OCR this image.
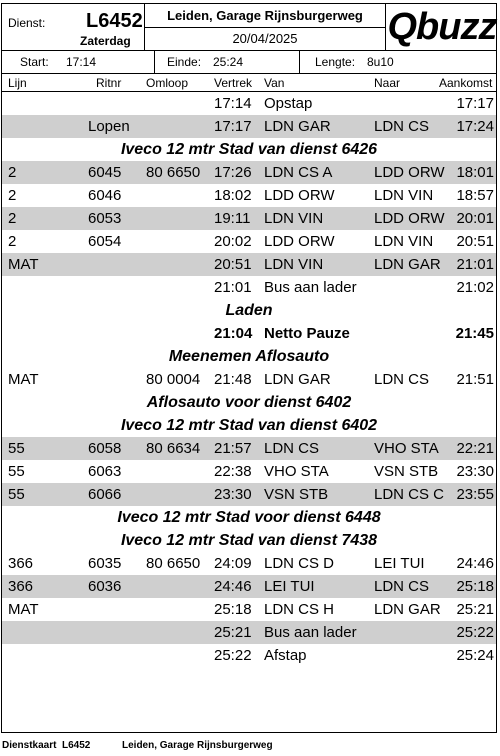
Dienst: L6452
Zaterdag
Leiden, Garage Rijnsburgerweg
20/04/2025	Qbuzz
Start: 17:14	Einde: 25:24	Lengte: 8u10
Lijn	Ritnr Omloop Vertrek Van	Naar	Aankomst
17:14 Opstap	17:17
Lopen	17:17 LDN GAR	LDN CS 17:24
Iveco 12 mtr Stad van dienst 6426
2	6045 80 6650 17:26 LDN CS A	LDD ORW 18:01
2	6046	18:02 LDD ORW	LDN VIN 18:57
2	6053	19:11 LDN VIN	LDD ORW 20:01
2	6054	20:02 LDD ORW	LDN VIN 20:51
MAT	20:51 LDN VIN	LDN GAR 21:01
21:01 Bus aan lader	21:02
Laden
21:04 Netto Pauze	21:45
Meenemen Aflosauto
MAT	80 0004 21:48 LDN GAR	LDN CS 21:51
Aflosauto voor dienst 6402
Iveco 12 mtr Stad van dienst 6402
55	6058 80 6634 21:57 LDN CS	VHO STA 22:21
55	6063	22:38 VHO STA	VSN STB 23:30
55	6066	23:30 VSN STB	LDN CS C 23:55
Iveco 12 mtr Stad voor dienst 6448
Iveco 12 mtr Stad van dienst 7438
366	6035 80 6650 24:09 LDN CS D	LEI TUI 24:46
366	6036	24:46 LEI TUI	LDN CS 25:18
MAT	25:18 LDN CS H	LDN GAR 25:21
25:21 Bus aan lader	25:22
25:22 Afstap	25:24
Dienstkaart L6452	Leiden, Garage Rijnsburgerweg
